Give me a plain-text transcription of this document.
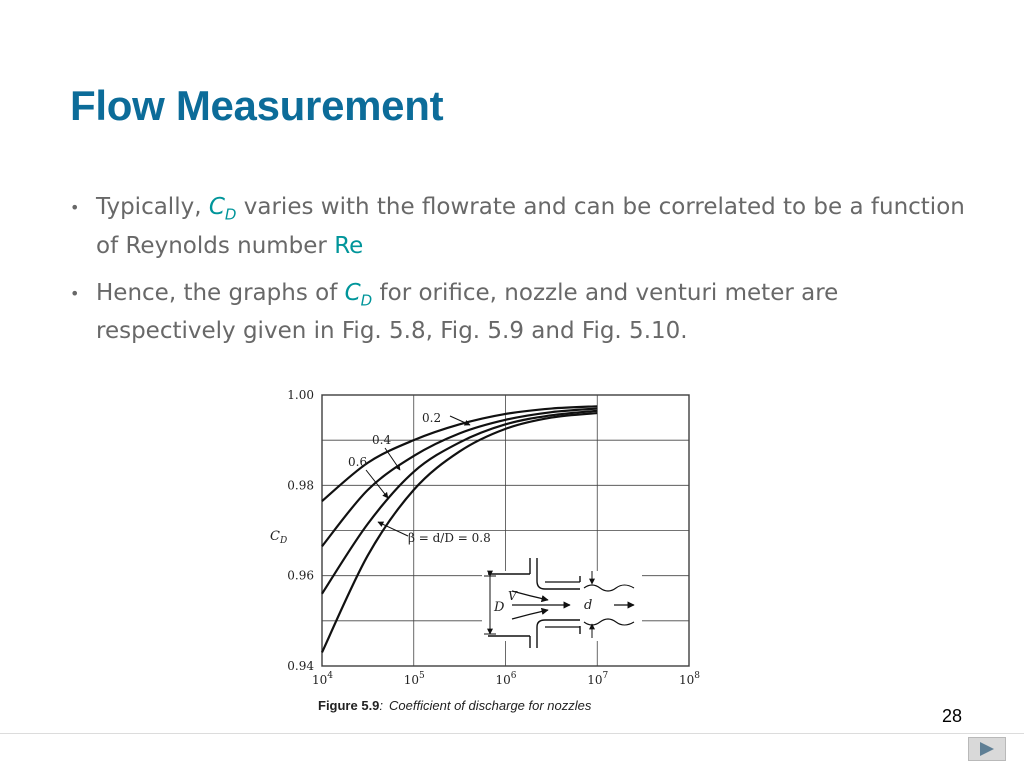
Flow Measurement
• Typically, $C_D$ varies with the flowrate and can be correlated to be a function of Reynolds number Re
• Hence, the graphs of $C_D$ for orifice, nozzle and venturi meter are respectively given in Fig. 5.8, Fig. 5.9 and Fig. 5.10.
$10^4$	$10^5$	$10^6$	$10^7$	$10^8$
1.00
0.98
0.96
0.94
0.2
0.4
0.6
β = d/D = 0.8
$C_D$
D
V
d
Figure 5.9: Coefficient of discharge for nozzles
28
